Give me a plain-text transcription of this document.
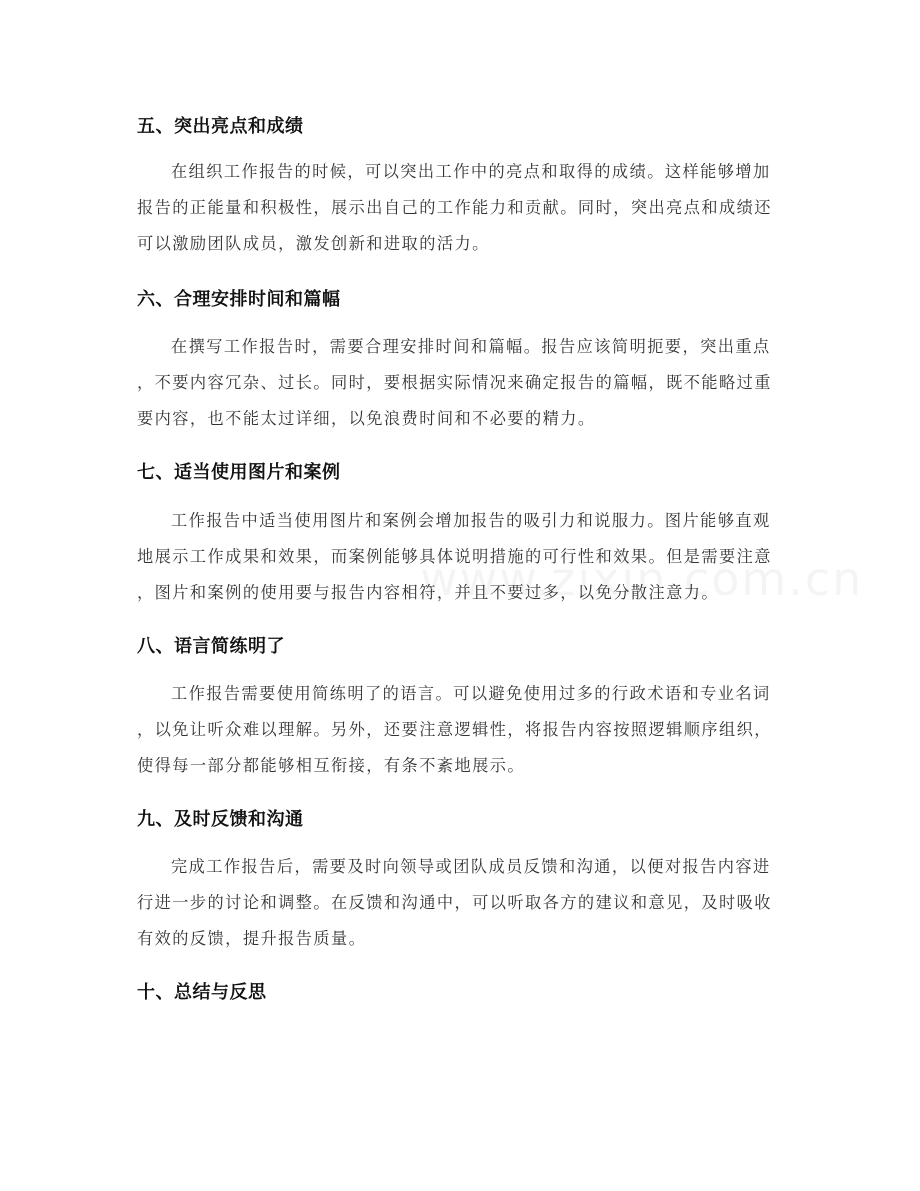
五、突出亮点和成绩
在组织工作报告的时候，可以突出工作中的亮点和取得的成绩。这样能够增加
报告的正能量和积极性，展示出自己的工作能力和贡献。同时，突出亮点和成绩还
可以激励团队成员，激发创新和进取的活力。
六、合理安排时间和篇幅
在撰写工作报告时，需要合理安排时间和篇幅。报告应该简明扼要，突出重点
，不要内容冗杂、过长。同时，要根据实际情况来确定报告的篇幅，既不能略过重
要内容，也不能太过详细，以免浪费时间和不必要的精力。
七、适当使用图片和案例
工作报告中适当使用图片和案例会增加报告的吸引力和说服力。图片能够直观
地展示工作成果和效果，而案例能够具体说明措施的可行性和效果。但是需要注意
，图片和案例的使用要与报告内容相符，并且不要过多，以免分散注意力。
八、语言简练明了
工作报告需要使用简练明了的语言。可以避免使用过多的行政术语和专业名词
，以免让听众难以理解。另外，还要注意逻辑性，将报告内容按照逻辑顺序组织，
使得每一部分都能够相互衔接，有条不紊地展示。
九、及时反馈和沟通
完成工作报告后，需要及时向领导或团队成员反馈和沟通，以便对报告内容进
行进一步的讨论和调整。在反馈和沟通中，可以听取各方的建议和意见，及时吸收
有效的反馈，提升报告质量。
十、总结与反思
